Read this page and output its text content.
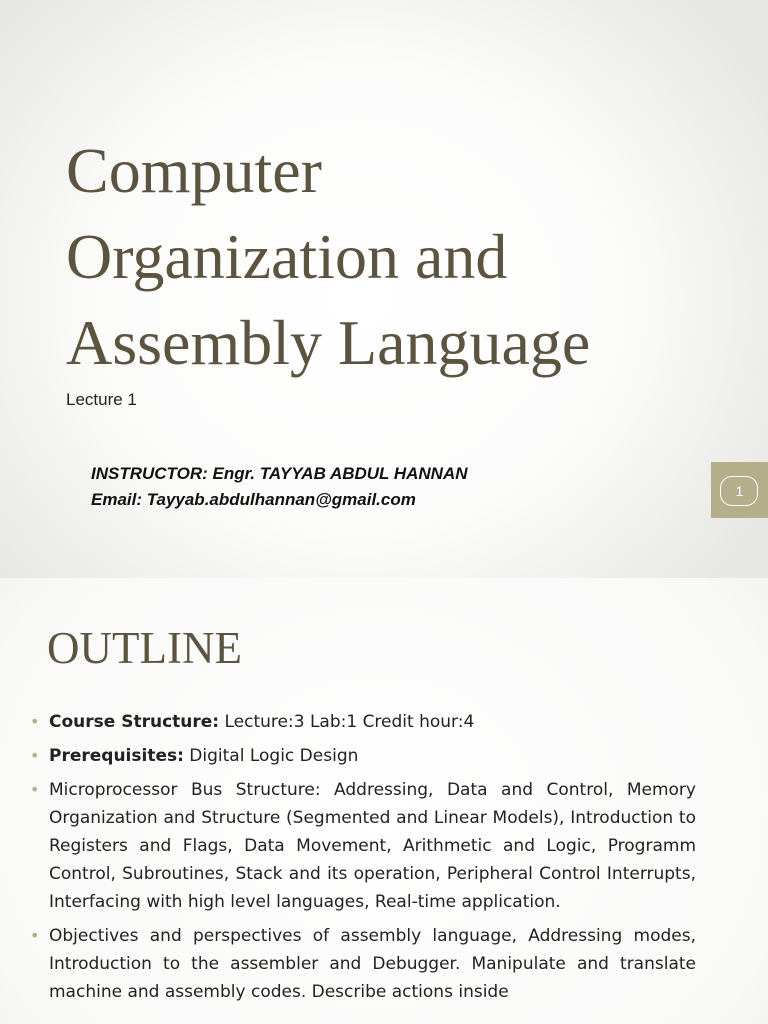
Computer
Organization and
Assembly Language
Lecture 1
INSTRUCTOR: Engr. TAYYAB ABDUL HANNAN
Email: Tayyab.abdulhannan@gmail.com	1
OUTLINE
• Course Structure: Lecture:3 Lab:1 Credit hour:4
• Prerequisites: Digital Logic Design
• Microprocessor Bus Structure: Addressing, Data and Control, Memory Organization and Structure (Segmented and Linear Models), Introduction to Registers and Flags, Data Movement, Arithmetic and Logic, Programm Control, Subroutines, Stack and its operation, Peripheral Control Interrupts, Interfacing with high level languages, Real-time application.
• Objectives and perspectives of assembly language, Addressing modes, Introduction to the assembler and Debugger. Manipulate and translate machine and assembly codes. Describe actions inside
